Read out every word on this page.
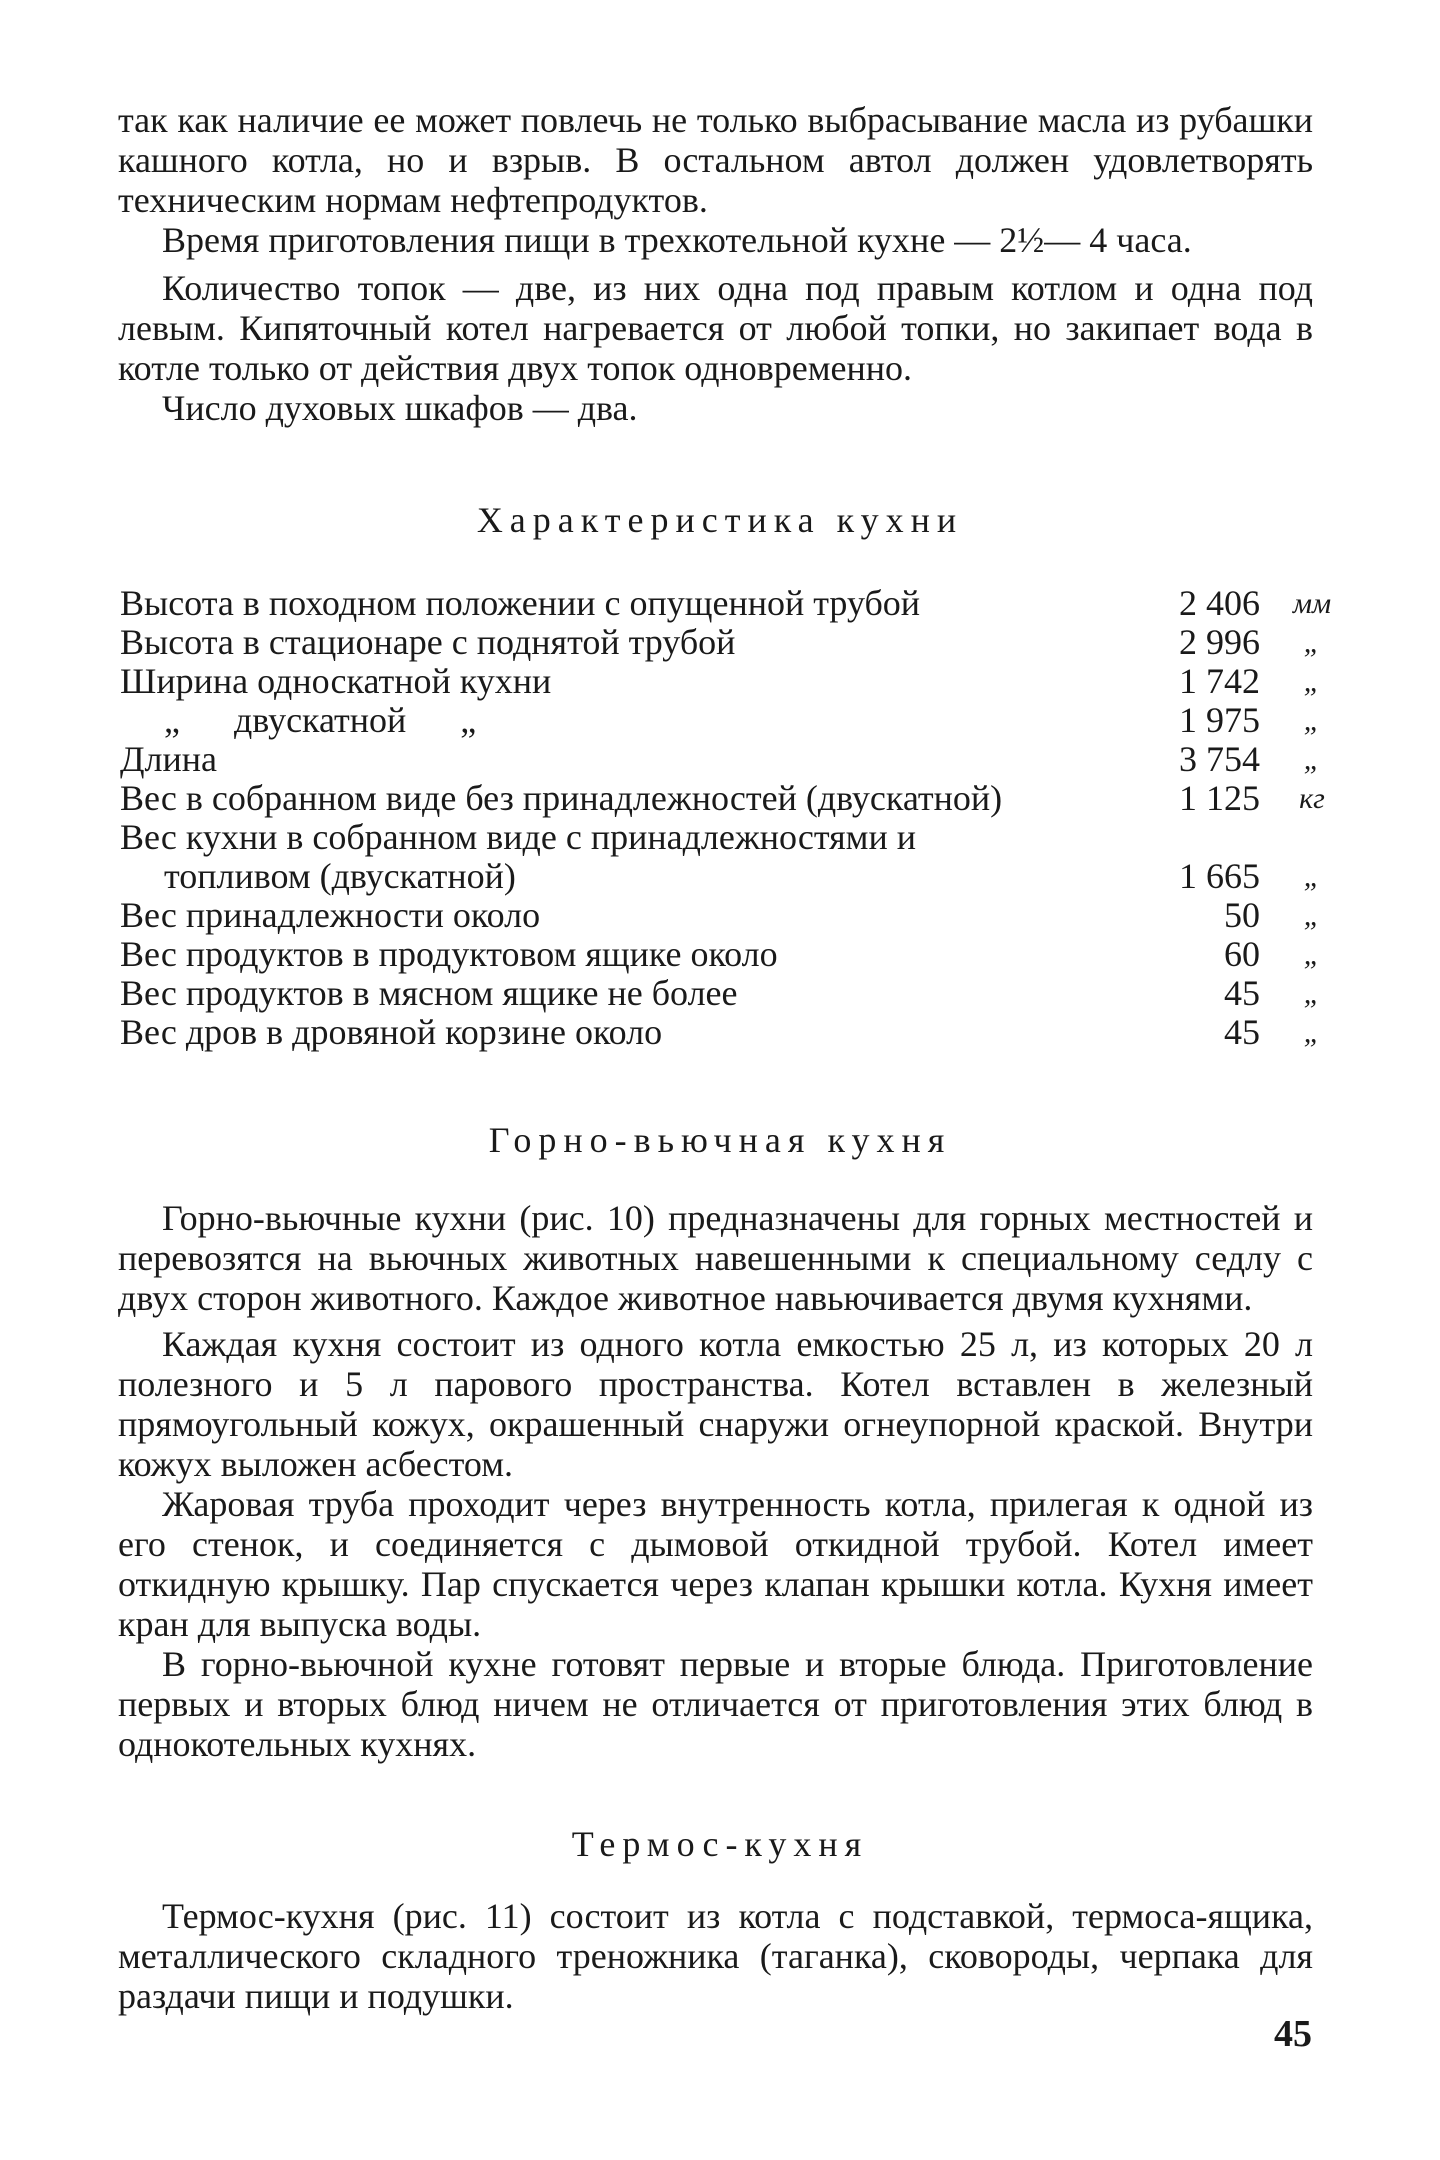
так как наличие ее может повлечь не только выбрасывание масла из рубашки кашного котла, но и взрыв. В остальном автол должен удовлетворять техническим нормам нефтепродуктов.

Время приготовления пищи в трехкотельной кухне — 2½— 4 часа.

Количество топок — две, из них одна под правым котлом и одна под левым. Кипяточный котел нагревается от любой топки, но закипает вода в котле только от действия двух топок одновременно.

Число духовых шкафов — два.

Характеристика кухни
Высота в походном положении с опущенной трубой	2 406 мм
Высота в стационаре с поднятой трубой	2 996	„
Ширина односкатной кухни	1 742	„
„      двускатной      „	1 975	„
Длина	3 754	„
Вес в собранном виде без принадлежностей (двускатной)	1 125	кг
Вес кухни в собранном виде с принадлежностями и
топливом (двускатной)	1 665	„
Вес принадлежности около	50	„
Вес продуктов в продуктовом ящике около	60	„
Вес продуктов в мясном ящике не более	45	„
Вес дров в дровяной корзине около	45	„
Горно-вьючная кухня

Горно-вьючные кухни (рис. 10) предназначены для горных местностей и перевозятся на вьючных животных навешенными к специальному седлу с двух сторон животного. Каждое животное навьючивается двумя кухнями.

Каждая кухня состоит из одного котла емкостью 25 л, из которых 20 л полезного и 5 л парового пространства. Котел вставлен в железный прямоугольный кожух, окрашенный снаружи огнеупорной краской. Внутри кожух выложен асбестом.

Жаровая труба проходит через внутренность котла, прилегая к одной из его стенок, и соединяется с дымовой откидной трубой. Котел имеет откидную крышку. Пар спускается через клапан крышки котла. Кухня имеет кран для выпуска воды.

В горно-вьючной кухне готовят первые и вторые блюда. Приготовление первых и вторых блюд ничем не отличается от приготовления этих блюд в однокотельных кухнях.

Термос-кухня

Термос-кухня (рис. 11) состоит из котла с подставкой, термоса-ящика, металлического складного треножника (таганка), сковороды, черпака для раздачи пищи и подушки.

45
